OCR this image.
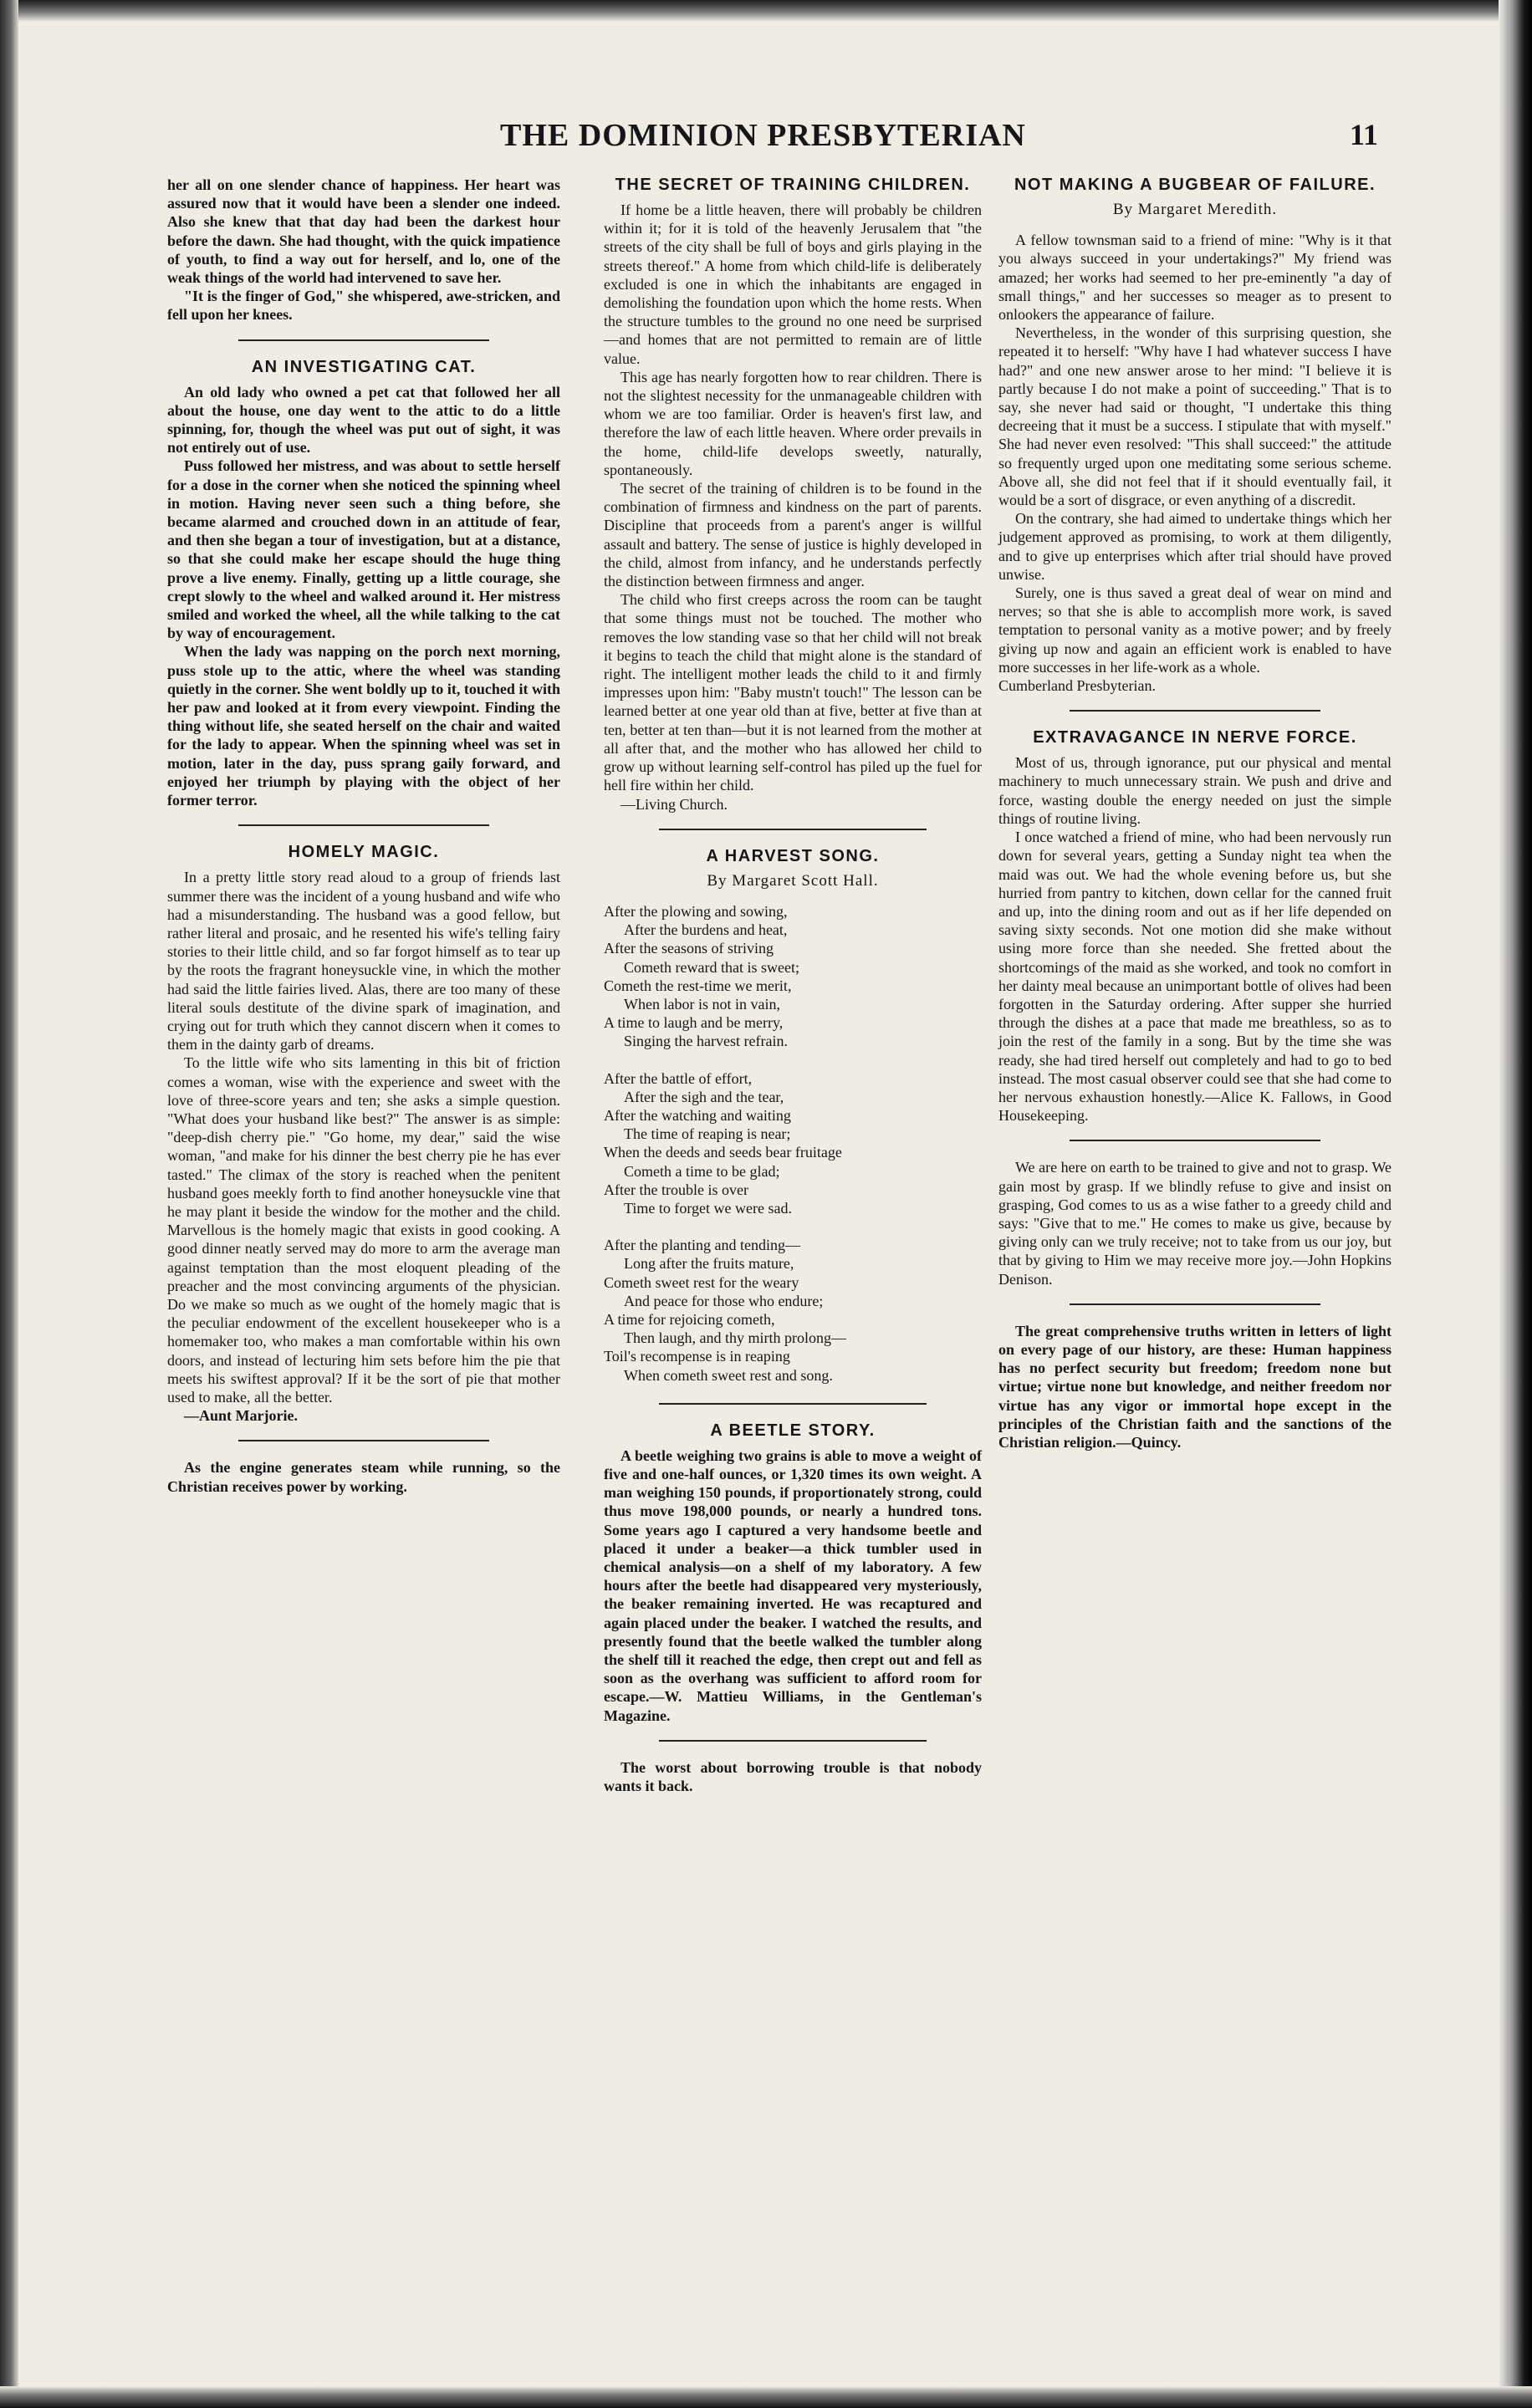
THE DOMINION PRESBYTERIAN	11

her all on one slender chance of happiness. Her heart was assured now that it would have been a slender one indeed. Also she knew that that day had been the darkest hour before the dawn. She had thought, with the quick impatience of youth, to find a way out for herself, and lo, one of the weak things of the world had intervened to save her.

"It is the finger of God," she whispered, awe-stricken, and fell upon her knees.

AN INVESTIGATING CAT.

An old lady who owned a pet cat that followed her all about the house, one day went to the attic to do a little spinning, for, though the wheel was put out of sight, it was not entirely out of use.

Puss followed her mistress, and was about to settle herself for a dose in the corner when she noticed the spinning wheel in motion. Having never seen such a thing before, she became alarmed and crouched down in an attitude of fear, and then she began a tour of investigation, but at a distance, so that she could make her escape should the huge thing prove a live enemy. Finally, getting up a little courage, she crept slowly to the wheel and walked around it. Her mistress smiled and worked the wheel, all the while talking to the cat by way of encouragement.

When the lady was napping on the porch next morning, puss stole up to the attic, where the wheel was standing quietly in the corner. She went boldly up to it, touched it with her paw and looked at it from every viewpoint. Finding the thing without life, she seated herself on the chair and waited for the lady to appear. When the spinning wheel was set in motion, later in the day, puss sprang gaily forward, and enjoyed her triumph by playing with the object of her former terror.

HOMELY MAGIC.

In a pretty little story read aloud to a group of friends last summer there was the incident of a young husband and wife who had a misunderstanding. The husband was a good fellow, but rather literal and prosaic, and he resented his wife's telling fairy stories to their little child, and so far forgot himself as to tear up by the roots the fragrant honeysuckle vine, in which the mother had said the little fairies lived. Alas, there are too many of these literal souls destitute of the divine spark of imagination, and crying out for truth which they cannot discern when it comes to them in the dainty garb of dreams.

To the little wife who sits lamenting in this bit of friction comes a woman, wise with the experience and sweet with the love of three-score years and ten; she asks a simple question. "What does your husband like best?" The answer is as simple: "deep-dish cherry pie." "Go home, my dear," said the wise woman, "and make for his dinner the best cherry pie he has ever tasted." The climax of the story is reached when the penitent husband goes meekly forth to find another honeysuckle vine that he may plant it beside the window for the mother and the child. Marvellous is the homely magic that exists in good cooking. A good dinner neatly served may do more to arm the average man against temptation than the most eloquent pleading of the preacher and the most convincing arguments of the physician. Do we make so much as we ought of the homely magic that is the peculiar endowment of the excellent housekeeper who is a homemaker too, who makes a man comfortable within his own doors, and instead of lecturing him sets before him the pie that meets his swiftest approval? If it be the sort of pie that mother used to make, all the better.

—Aunt Marjorie.

As the engine generates steam while running, so the Christian receives power by working.

THE SECRET OF TRAINING CHILDREN.

If home be a little heaven, there will probably be children within it; for it is told of the heavenly Jerusalem that "the streets of the city shall be full of boys and girls playing in the streets thereof." A home from which child-life is deliberately excluded is one in which the inhabitants are engaged in demolishing the foundation upon which the home rests. When the structure tumbles to the ground no one need be surprised—and homes that are not permitted to remain are of little value.

This age has nearly forgotten how to rear children. There is not the slightest necessity for the unmanageable children with whom we are too familiar. Order is heaven's first law, and therefore the law of each little heaven. Where order prevails in the home, child-life develops sweetly, naturally, spontaneously.

The secret of the training of children is to be found in the combination of firmness and kindness on the part of parents. Discipline that proceeds from a parent's anger is willful assault and battery. The sense of justice is highly developed in the child, almost from infancy, and he understands perfectly the distinction between firmness and anger.

The child who first creeps across the room can be taught that some things must not be touched. The mother who removes the low standing vase so that her child will not break it begins to teach the child that might alone is the standard of right. The intelligent mother leads the child to it and firmly impresses upon him: "Baby mustn't touch!" The lesson can be learned better at one year old than at five, better at five than at ten, better at ten than—but it is not learned from the mother at all after that, and the mother who has allowed her child to grow up without learning self-control has piled up the fuel for hell fire within her child.

—Living Church.

A HARVEST SONG.

By Margaret Scott Hall.

After the plowing and sowing,
After the burdens and heat,
After the seasons of striving
Cometh reward that is sweet;
Cometh the rest-time we merit,
When labor is not in vain,
A time to laugh and be merry,
Singing the harvest refrain.
After the battle of effort,
After the sigh and the tear,
After the watching and waiting
The time of reaping is near;
When the deeds and seeds bear fruitage
Cometh a time to be glad;
After the trouble is over
Time to forget we were sad.
After the planting and tending—
Long after the fruits mature,
Cometh sweet rest for the weary
And peace for those who endure;
A time for rejoicing cometh,
Then laugh, and thy mirth prolong—
Toil's recompense is in reaping
When cometh sweet rest and song.
A BEETLE STORY.

A beetle weighing two grains is able to move a weight of five and one-half ounces, or 1,320 times its own weight. A man weighing 150 pounds, if proportionately strong, could thus move 198,000 pounds, or nearly a hundred tons. Some years ago I captured a very handsome beetle and placed it under a beaker—a thick tumbler used in chemical analysis—on a shelf of my laboratory. A few hours after the beetle had disappeared very mysteriously, the beaker remaining inverted. He was recaptured and again placed under the beaker. I watched the results, and presently found that the beetle walked the tumbler along the shelf till it reached the edge, then crept out and fell as soon as the overhang was sufficient to afford room for escape.—W. Mattieu Williams, in the Gentleman's Magazine.

The worst about borrowing trouble is that nobody wants it back.

NOT MAKING A BUGBEAR OF FAILURE.

By Margaret Meredith.

A fellow townsman said to a friend of mine: "Why is it that you always succeed in your undertakings?" My friend was amazed; her works had seemed to her pre-eminently "a day of small things," and her successes so meager as to present to onlookers the appearance of failure.

Nevertheless, in the wonder of this surprising question, she repeated it to herself: "Why have I had whatever success I have had?" and one new answer arose to her mind: "I believe it is partly because I do not make a point of succeeding." That is to say, she never had said or thought, "I undertake this thing decreeing that it must be a success. I stipulate that with myself." She had never even resolved: "This shall succeed:" the attitude so frequently urged upon one meditating some serious scheme. Above all, she did not feel that if it should eventually fail, it would be a sort of disgrace, or even anything of a discredit.

On the contrary, she had aimed to undertake things which her judgement approved as promising, to work at them diligently, and to give up enterprises which after trial should have proved unwise.

Surely, one is thus saved a great deal of wear on mind and nerves; so that she is able to accomplish more work, is saved temptation to personal vanity as a motive power; and by freely giving up now and again an efficient work is enabled to have more successes in her life-work as a whole.

Cumberland Presbyterian.

EXTRAVAGANCE IN NERVE FORCE.

Most of us, through ignorance, put our physical and mental machinery to much unnecessary strain. We push and drive and force, wasting double the energy needed on just the simple things of routine living.

I once watched a friend of mine, who had been nervously run down for several years, getting a Sunday night tea when the maid was out. We had the whole evening before us, but she hurried from pantry to kitchen, down cellar for the canned fruit and up, into the dining room and out as if her life depended on saving sixty seconds. Not one motion did she make without using more force than she needed. She fretted about the shortcomings of the maid as she worked, and took no comfort in her dainty meal because an unimportant bottle of olives had been forgotten in the Saturday ordering. After supper she hurried through the dishes at a pace that made me breathless, so as to join the rest of the family in a song. But by the time she was ready, she had tired herself out completely and had to go to bed instead. The most casual observer could see that she had come to her nervous exhaustion honestly.—Alice K. Fallows, in Good Housekeeping.

We are here on earth to be trained to give and not to grasp. We gain most by grasp. If we blindly refuse to give and insist on grasping, God comes to us as a wise father to a greedy child and says: "Give that to me." He comes to make us give, because by giving only can we truly receive; not to take from us our joy, but that by giving to Him we may receive more joy.—John Hopkins Denison.

The great comprehensive truths written in letters of light on every page of our history, are these: Human happiness has no perfect security but freedom; freedom none but virtue; virtue none but knowledge, and neither freedom nor virtue has any vigor or immortal hope except in the principles of the Christian faith and the sanctions of the Christian religion.—Quincy.
